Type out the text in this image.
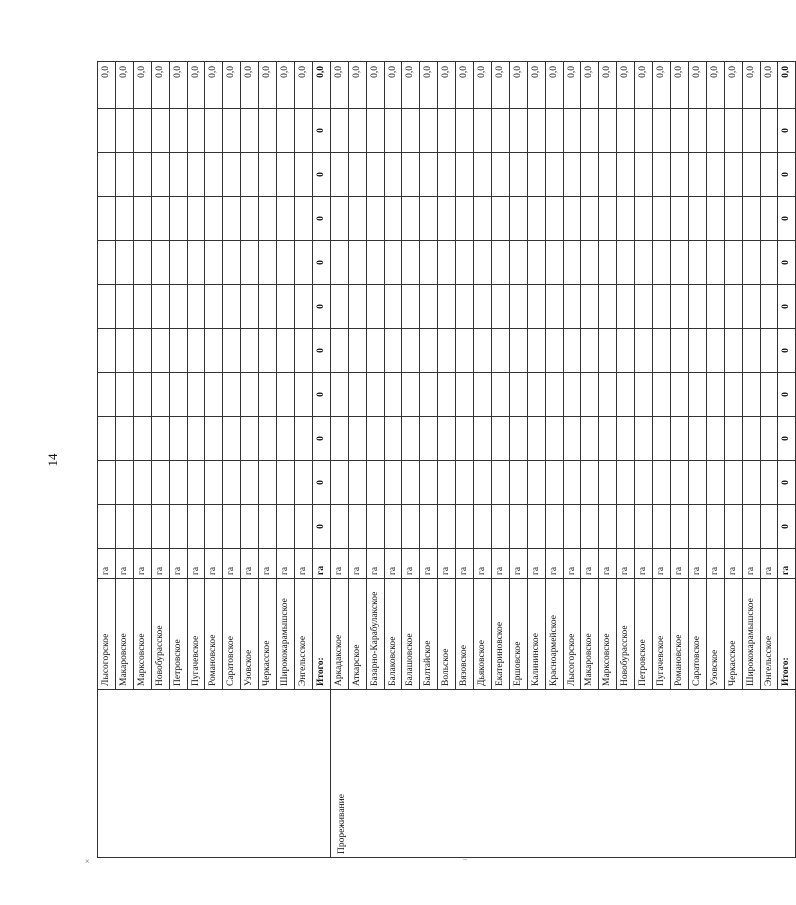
14
×	–
	Лысогорское	га											0,0
	Макаровское	га											0,0
	Марксовское	га											0,0
	Новобурасское	га											0,0
	Петровское	га											0,0
	Пугачевское	га											0,0
	Романовское	га											0,0
	Саратовское	га											0,0
	Узовское	га											0,0
	Черкасское	га											0,0
	Ширококарамышское	га											0,0
	Энгельсское	га											0,0
	Итого:	га	0	0	0	0	0	0	0	0	0	0	0,0
Прореживание	Аркадакское	га											0,0
	Аткарское	га											0,0
	Базарно-Карабулакское	га											0,0
	Балаковское	га											0,0
	Балашовское	га											0,0
	Балтайское	га											0,0
	Вольское	га											0,0
	Вязовское	га											0,0
	Дьяковское	га											0,0
	Екатериновское	га											0,0
	Ершовское	га											0,0
	Калининское	га											0,0
	Красноармейское	га											0,0
	Лысогорское	га											0,0
	Макаровское	га											0,0
	Марксовское	га											0,0
	Новобурасское	га											0,0
	Петровское	га											0,0
	Пугачевское	га											0,0
	Романовское	га											0,0
	Саратовское	га											0,0
	Узовское	га											0,0
	Черкасское	га											0,0
	Ширококарамышское	га											0,0
	Энгельсское	га											0,0
	Итого:	га	0	0	0	0	0	0	0	0	0	0	0,0
